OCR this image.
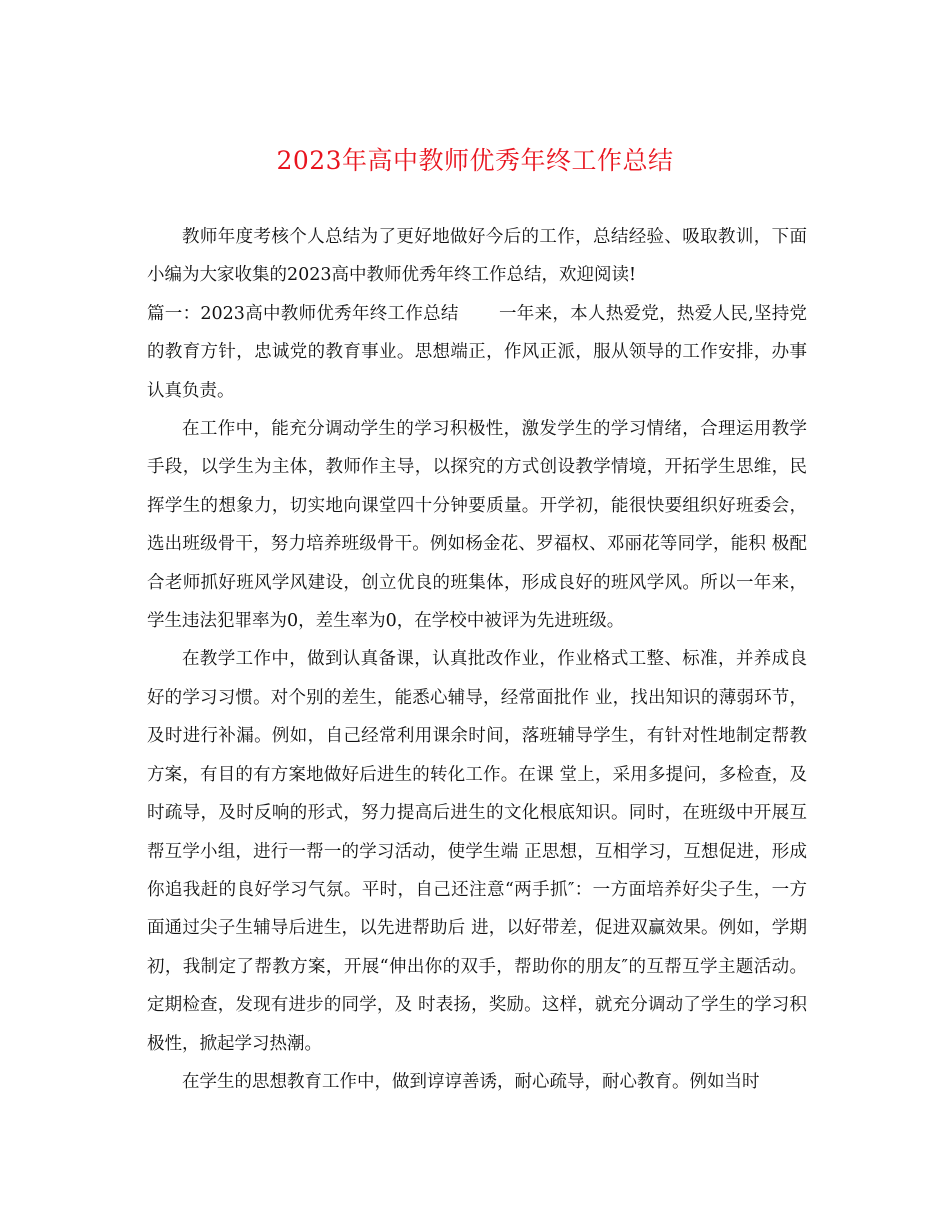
2023年高中教师优秀年终工作总结

教师年度考核个人总结为了更好地做好今后的工作，总结经验、吸取教训，下面小编为大家收集的2023高中教师优秀年终工作总结，欢迎阅读!

篇一：2023高中教师优秀年终工作总结 一年来，本人热爱党，热爱人民,坚持党的教育方针，忠诚党的教育事业。思想端正，作风正派，服从领导的工作安排，办事认真负责。

在工作中，能充分调动学生的学习积极性，激发学生的学习情绪，合理运用教学手段，以学生为主体，教师作主导，以探究的方式创设教学情境，开拓学生思维，民 挥学生的想象力，切实地向课堂四十分钟要质量。开学初，能很快要组织好班委会，选出班级骨干，努力培养班级骨干。例如杨金花、罗福权、邓丽花等同学，能积 极配合老师抓好班风学风建设，创立优良的班集体，形成良好的班风学风。所以一年来，学生违法犯罪率为0，差生率为0，在学校中被评为先进班级。

在教学工作中，做到认真备课，认真批改作业，作业格式工整、标准，并养成良好的学习习惯。对个别的差生，能悉心辅导，经常面批作 业，找出知识的薄弱环节，及时进行补漏。例如，自己经常利用课余时间，落班辅导学生，有针对性地制定帮教方案，有目的有方案地做好后进生的转化工作。在课 堂上，采用多提问，多检查，及时疏导，及时反响的形式，努力提高后进生的文化根底知识。同时，在班级中开展互帮互学小组，进行一帮一的学习活动，使学生端 正思想，互相学习，互想促进，形成你追我赶的良好学习气氛。平时，自己还注意“两手抓″：一方面培养好尖子生，一方面通过尖子生辅导后进生，以先进帮助后 进，以好带差，促进双赢效果。例如，学期初，我制定了帮教方案，开展“伸出你的双手，帮助你的朋友″的互帮互学主题活动。定期检查，发现有进步的同学，及 时表扬，奖励。这样，就充分调动了学生的学习积极性，掀起学习热潮。

在学生的思想教育工作中，做到谆谆善诱，耐心疏导，耐心教育。例如当时
